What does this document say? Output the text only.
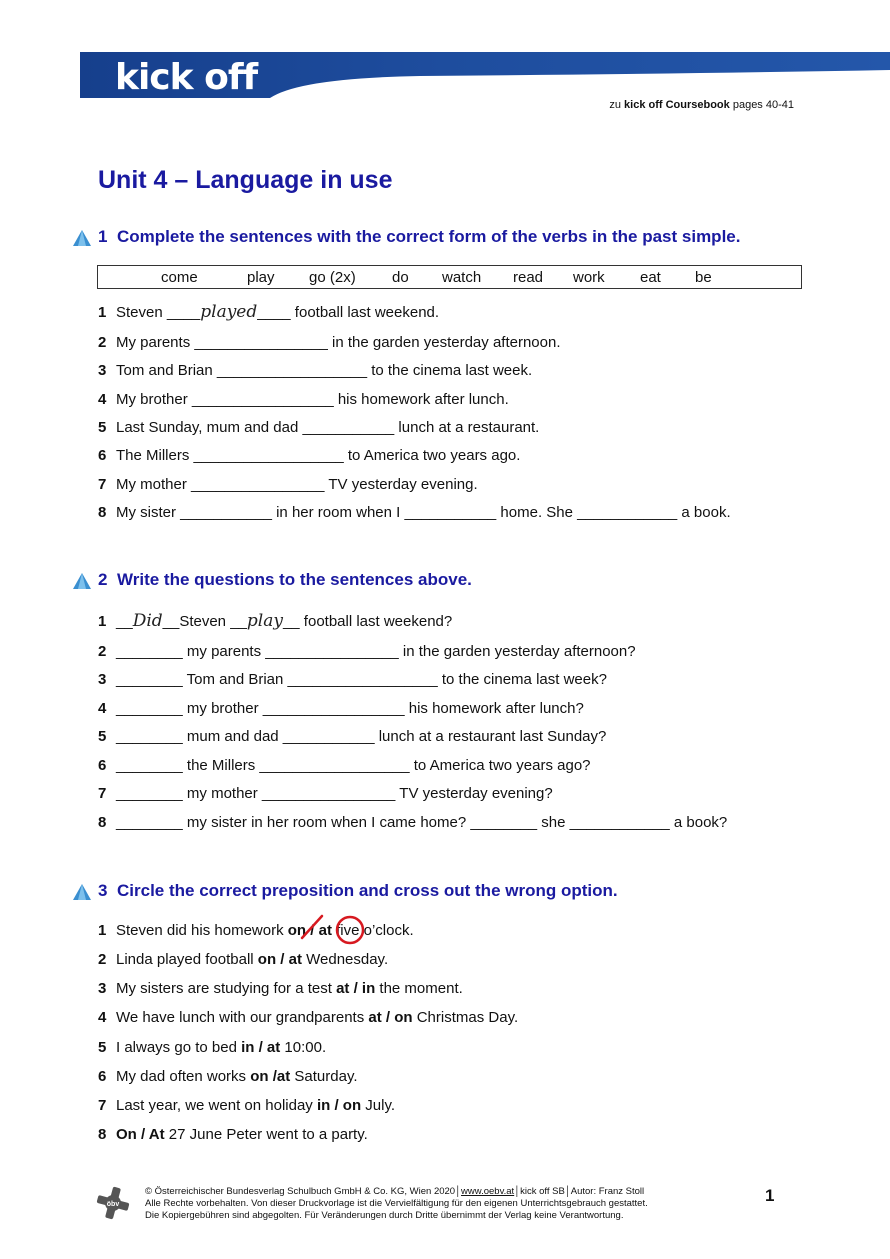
kick off
zu kick off Coursebook pages 40-41
Unit 4 – Language in use
1 Complete the sentences with the correct form of the verbs in the past simple.
come	play go (2x) do watch read work eat be
1 Steven ____played____ football last weekend.
2 My parents ________________ in the garden yesterday afternoon.
3 Tom and Brian __________________ to the cinema last week.
4 My brother _________________ his homework after lunch.
5 Last Sunday, mum and dad ___________ lunch at a restaurant.
6 The Millers __________________ to America two years ago.
7 My mother ________________ TV yesterday evening.
8 My sister ___________ in her room when I ___________ home. She ____________ a book.
2 Write the questions to the sentences above.
1 __Did__Steven __play__ football last weekend?
2 ________ my parents ________________ in the garden yesterday afternoon?
3 ________ Tom and Brian __________________ to the cinema last week?
4 ________ my brother _________________ his homework after lunch?
5 ________ mum and dad ___________ lunch at a restaurant last Sunday?
6 ________ the Millers __________________ to America two years ago?
7 ________ my mother ________________ TV yesterday evening?
8 ________ my sister in her room when I came home? ________ she ____________ a book?
3 Circle the correct preposition and cross out the wrong option.
1 Steven did his homework on / at five o’clock.
2 Linda played football on / at Wednesday.
3 My sisters are studying for a test at / in the moment.
4 We have lunch with our grandparents at / on Christmas Day.
5 I always go to bed in / at 10:00.
6 My dad often works on /at Saturday.
7 Last year, we went on holiday in / on July.
8 On / At 27 June Peter went to a party.
öbv
© Österreichischer Bundesverlag Schulbuch GmbH & Co. KG, Wien 2020│www.oebv.at│kick off SB│Autor: Franz Stoll
Alle Rechte vorbehalten. Von dieser Druckvorlage ist die Vervielfältigung für den eigenen Unterrichtsgebrauch gestattet.
Die Kopiergebühren sind abgegolten. Für Veränderungen durch Dritte übernimmt der Verlag keine Verantwortung.
1
